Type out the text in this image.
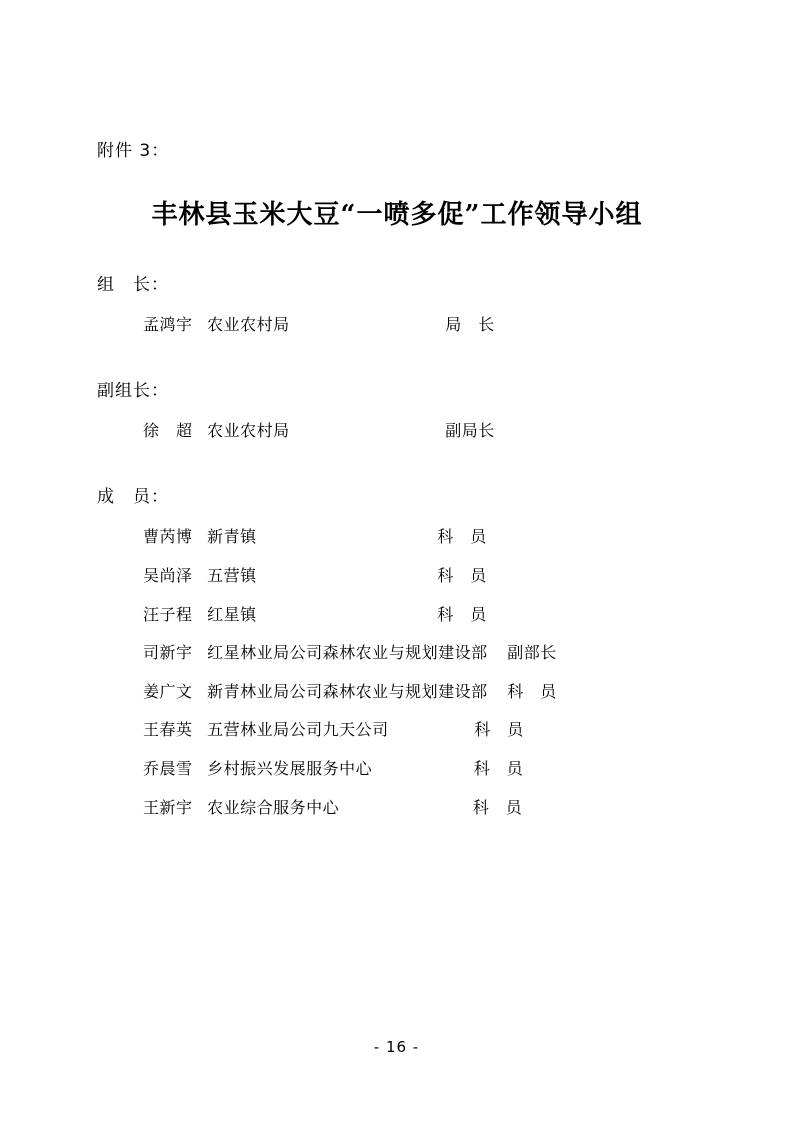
附件 3：
丰林县玉米大豆“一喷多促”工作领导小组
组　长：
孟鸿宇 农业农村局	局　长
副组长：
徐　超 农业农村局	副局长
成　员：
曹芮博 新青镇	科　员
吴尚泽 五营镇	科　员
汪子程 红星镇	科　员
司新宇 红星林业局公司森林农业与规划建设部 副部长
姜广文 新青林业局公司森林农业与规划建设部 科　员
王春英 五营林业局公司九天公司	科　员
乔晨雪 乡村振兴发展服务中心	科　员
王新宇 农业综合服务中心	科　员
- 16 -
